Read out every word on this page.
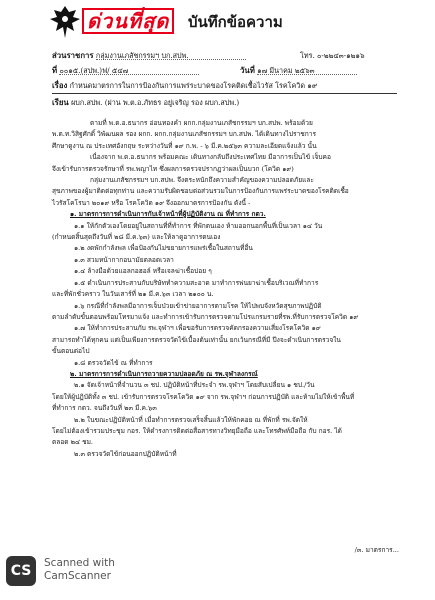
ด่วนที่สุด	บันทึกข้อความ
ส่วนราชการ กลุ่มงานเภสัชกรรมฯ บก.สปพ.	โทร. ๐-๒๒๔๓-๑๒๑๖
ที่ ๐๐๑๕.(สปพ.)ฟ/ ๕๔๗	วันที่ ๑๗ มีนาคม ๒๕๖๓
เรื่อง กำหนดมาตรการในการป้องกันการแพร่ระบาดของโรคติดเชื้อไวรัส โรคโควิด ๑๙
เรียน ผบก.สปพ. (ผ่าน พ.ต.อ.ภัทธร อยู่เจริญ รอง ผบก.สปพ.)
ตามที่ พ.ต.อ.ธนากร อ่อนทองคำ ผกก.กลุ่มงานเภสัชกรรมฯ บก.สปพ. พร้อมด้วย
พ.ต.ท.วิสิฐศักดิ์ วิพัฒนผล รอง ผกก. ผกก.กลุ่มงานเภสัชกรรมฯ บก.สปพ. ได้เดินทางไปราชการ
ศึกษาดูงาน ณ ประเทศอังกฤษ ระหว่างวันที่ ๑๙ ก.พ. - ๖ มี.ค.๒๕๖๓ ความละเอียดแจ้งแล้ว นั้น
เนื่องจาก พ.ต.อ.ธนากร พร้อมคณะ เดินทางกลับถึงประเทศไทย มีอาการเป็นไข้ เจ็บคอ
จึงเข้ารับการตรวจรักษาที่ รพ.พญาไท ซึ่งผลการตรวจปรากฏว่าผลเป็นบวก (โควิด ๑๙)
กลุ่มงานเภสัชกรรมฯ บก.สปพ. จึงตระหนักถึงความสำคัญของความปลอดภัยและ
สุขภาพของผู้มาติดต่อทุกท่าน และความรับผิดชอบต่อส่วนรวมในการป้องกันการแพร่ระบาดของโรคติดเชื้อ
ไวรัสโคโรนา ๒๐๑๙ หรือ โรคโควิด ๑๙ จึงออกมาตรการป้องกัน ดังนี้ -
๑. มาตรการการดำเนินการกับเจ้าหน้าที่ผู้ปฏิบัติงาน ณ ที่ทำการ กตว.
๑.๑ ให้กักตัวเองโดยอยู่ในสถานที่ที่ทำการ ที่พักตนเอง ห้ามออกนอกพื้นที่เป็นเวลา ๑๔ วัน
(กำหนดสิ้นสุดถึงวันที่ ๒๘ มี.ค.๖๓) และให้ลาดูอาการตนเอง
๑.๒ งดพักกำลังพล เพื่อป้องกันไม่ขยายการแพร่เชื้อในสถานที่อื่น
๑.๓ สวมหน้ากากอนามัยตลอดเวลา
๑.๔ ล้างมือด้วยแอลกอฮอล์ หรือเจลฆ่าเชื้อบ่อย ๆ
๑.๕ ดำเนินการประสานกับบริษัททำความสะอาด มาทำการพ่นยาฆ่าเชื้อบริเวณที่ทำการ
และที่พักชั่วคราว ในวันเสาร์ที่ ๒๑ มี.ค.๖๓ เวลา ๒๑๐๐ น.
๑.๖ กรณีที่กำลังพลมีอาการเจ็บป่วยเข้าข่ายอาการตามโรค ให้ไปพบจังหวัดสุขภาพปฏิบัติ
ตามลำดับขั้นตอนพร้อมโทรมาแจ้ง และทำการเข้ารับการตรวจตามโปรแกรมรายที่รพ.ที่รับการตรวจโควิด ๑๙
๑.๗ ให้ทำการประสานกับ รพ.จุฬาฯ เพื่อขอรับการตรวจคัดกรองความเสี่ยงโรคโควิด ๑๙
สามารถทำได้ทุกคน แต่เป็นเพียงการตรวจวัดไข้เบื้องต้นเท่านั้น ยกเว้นกรณีที่มี ปีงจะดำเนินการตรวจใน
ขั้นตอนต่อไป
๑.๘ ตรวจวัดไข้ ณ ที่ทำการ
๒. มาตรการการดำเนินการถวายความปลอดภัย ณ รพ.จุฬาลงกรณ์
๒.๑ จัดเจ้าหน้าที่จำนวน ๓ ชป. ปฏิบัติหน้าที่ประจำ รพ.จุฬาฯ โดยสับเปลี่ยน ๑ ชป./วัน
โดยให้ผู้ปฏิบัติทั้ง ๓ ชป. เข้ารับการตรวจโรคโควิด ๑๙ จาก รพ.จุฬาฯ ก่อนการปฏิบัติ และห้ามไม่ให้เข้าพื้นที่
ที่ทำการ กตว. จนถึงวันที่ ๒๓ มี.ค.๖๓
๒.๒ ในขณะปฏิบัติหน้าที่ เมื่อทำการตรวจเสร็จสิ้นแล้วให้พักคอย ณ ที่พักที่ รพ.จัดให้
โดยไม่ต้องเข้ารวมประชุม กอร. ให้ดำรงการติดต่อสื่อสารทางวิทยุมือถือ และโทรศัพท์มือถือ กับ กอร. ได้
ตลอด ๒๔ ชม.
๒.๓ ตรวจวัดไข้ก่อนออกปฏิบัติหน้าที่
/๓. มาตรการ...
CS	Scanned with
CamScanner
